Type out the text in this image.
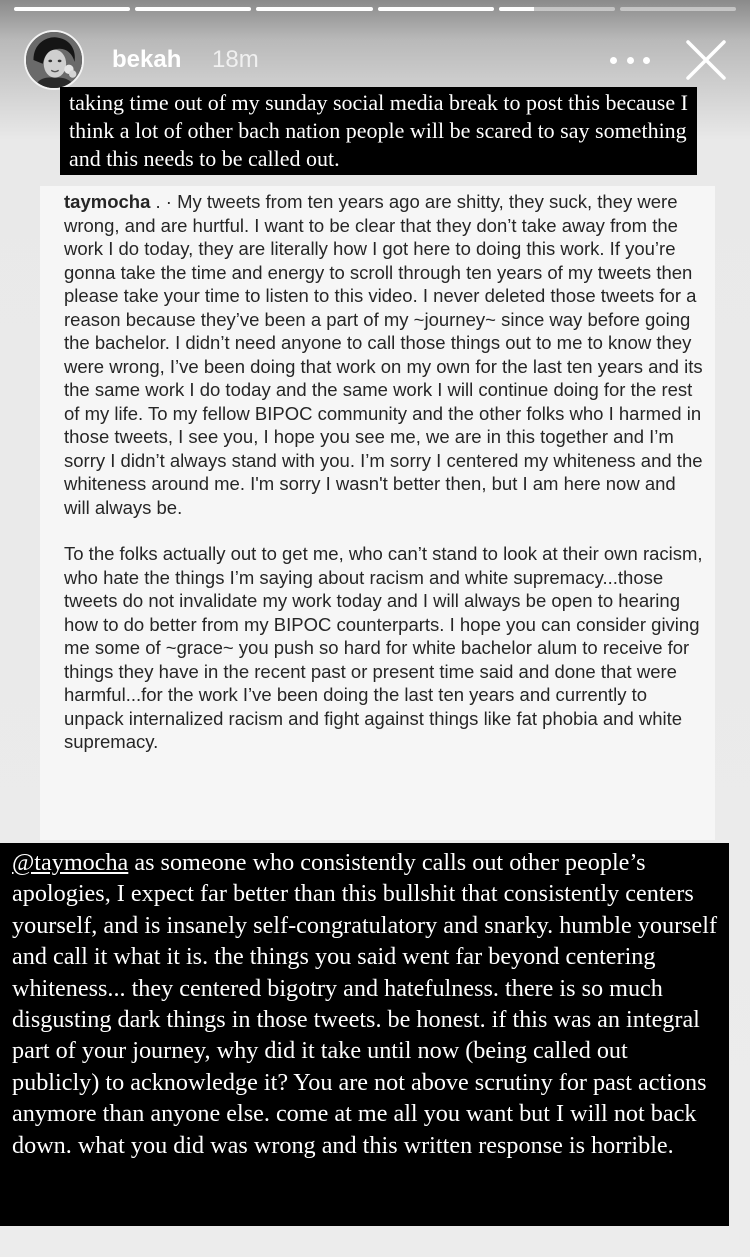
bekah 18m
taking time out of my sunday social media break to post this because I think a lot of other bach nation people will be scared to say something and this needs to be called out.

taymocha . · My tweets from ten years ago are shitty, they suck, they were wrong, and are hurtful. I want to be clear that they don’t take away from the work I do today, they are literally how I got here to doing this work. If you’re gonna take the time and energy to scroll through ten years of my tweets then please take your time to listen to this video. I never deleted those tweets for a reason because they’ve been a part of my ~journey~ since way before going the bachelor. I didn’t need anyone to call those things out to me to know they were wrong, I’ve been doing that work on my own for the last ten years and its the same work I do today and the same work I will continue doing for the rest of my life. To my fellow BIPOC community and the other folks who I harmed in those tweets, I see you, I hope you see me, we are in this together and I’m sorry I didn’t always stand with you. I’m sorry I centered my whiteness and the whiteness around me. I'm sorry I wasn't better then, but I am here now and will always be.

To the folks actually out to get me, who can’t stand to look at their own racism, who hate the things I’m saying about racism and white supremacy...those tweets do not invalidate my work today and I will always be open to hearing how to do better from my BIPOC counterparts. I hope you can consider giving me some of ~grace~ you push so hard for white bachelor alum to receive for things they have in the recent past or present time said and done that were harmful...for the work I’ve been doing the last ten years and currently to unpack internalized racism and fight against things like fat phobia and white supremacy.

@taymocha as someone who consistently calls out other people’s apologies, I expect far better than this bullshit that consistently centers yourself, and is insanely self-congratulatory and snarky. humble yourself and call it what it is. the things you said went far beyond centering whiteness... they centered bigotry and hatefulness. there is so much disgusting dark things in those tweets. be honest. if this was an integral part of your journey, why did it take until now (being called out publicly) to acknowledge it? You are not above scrutiny for past actions anymore than anyone else. come at me all you want but I will not back down. what you did was wrong and this written response is horrible.
